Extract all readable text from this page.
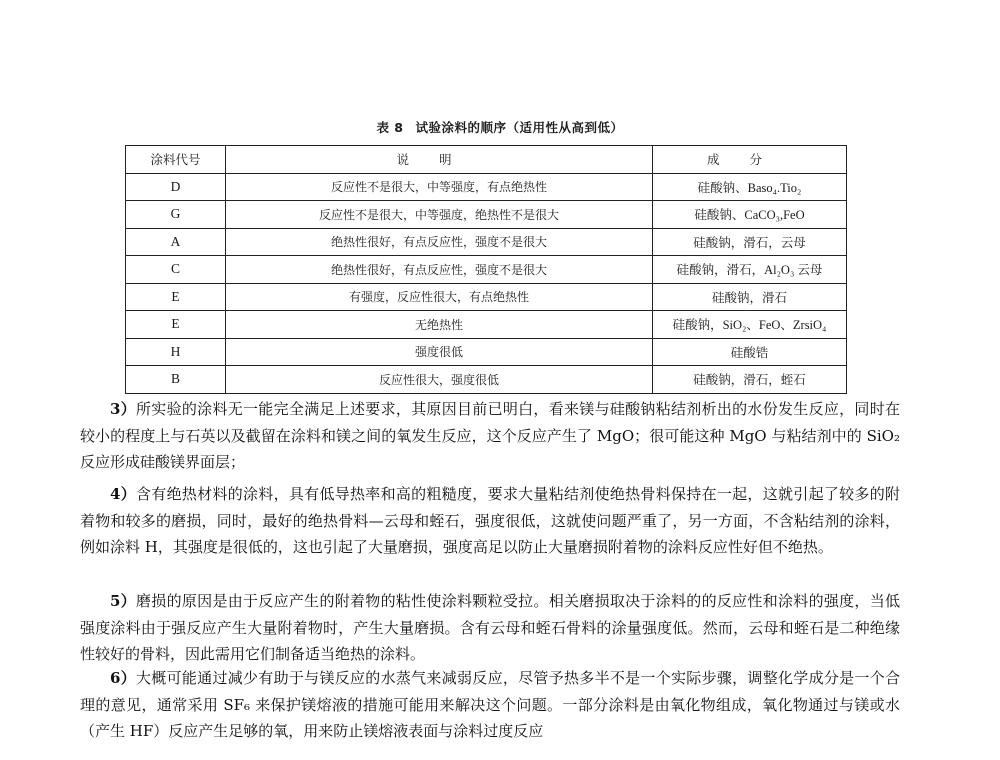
表 8 试验涂料的顺序（适用性从高到低）
涂料代号	说明	成分
D	反应性不是很大，中等强度，有点绝热性	硅酸钠、Baso₄.Tio₂
G	反应性不是很大，中等强度，绝热性不是很大	硅酸钠、CaCO₃,FeO
A	绝热性很好，有点反应性，强度不是很大	硅酸钠，滑石，云母
C	绝热性很好，有点反应性，强度不是很大	硅酸钠，滑石，Al₂O₃ 云母
E	有强度，反应性很大，有点绝热性	硅酸钠，滑石
E	无绝热性	硅酸钠，SiO₂、FeO、ZrsiO₄
H	强度很低	硅酸锆
B	反应性很大，强度很低	硅酸钠，滑石，蛭石
3）所实验的涂料无一能完全满足上述要求，其原因目前已明白，看来镁与硅酸钠粘结剂析出的水份发生反应，同时在较小的程度上与石英以及截留在涂料和镁之间的氧发生反应，这个反应产生了 MgO；很可能这种 MgO 与粘结剂中的 SiO₂ 反应形成硅酸镁界面层；
4）含有绝热材料的涂料，具有低导热率和高的粗糙度，要求大量粘结剂使绝热骨料保持在一起，这就引起了较多的附着物和较多的磨损，同时，最好的绝热骨料—云母和蛭石，强度很低，这就使问题严重了，另一方面，不含粘结剂的涂料，例如涂料 H，其强度是很低的，这也引起了大量磨损，强度高足以防止大量磨损附着物的涂料反应性好但不绝热。
5）磨损的原因是由于反应产生的附着物的粘性使涂料颗粒受拉。相关磨损取决于涂料的的反应性和涂料的强度，当低强度涂料由于强反应产生大量附着物时，产生大量磨损。含有云母和蛭石骨料的涂量强度低。然而，云母和蛭石是二种绝缘性较好的骨料，因此需用它们制备适当绝热的涂料。
6）大概可能通过减少有助于与镁反应的水蒸气来减弱反应，尽管予热多半不是一个实际步骤，调整化学成分是一个合理的意见，通常采用 SF₆ 来保护镁熔液的措施可能用来解决这个问题。一部分涂料是由氧化物组成，氧化物通过与镁或水（产生 HF）反应产生足够的氧，用来防止镁熔液表面与涂料过度反应
